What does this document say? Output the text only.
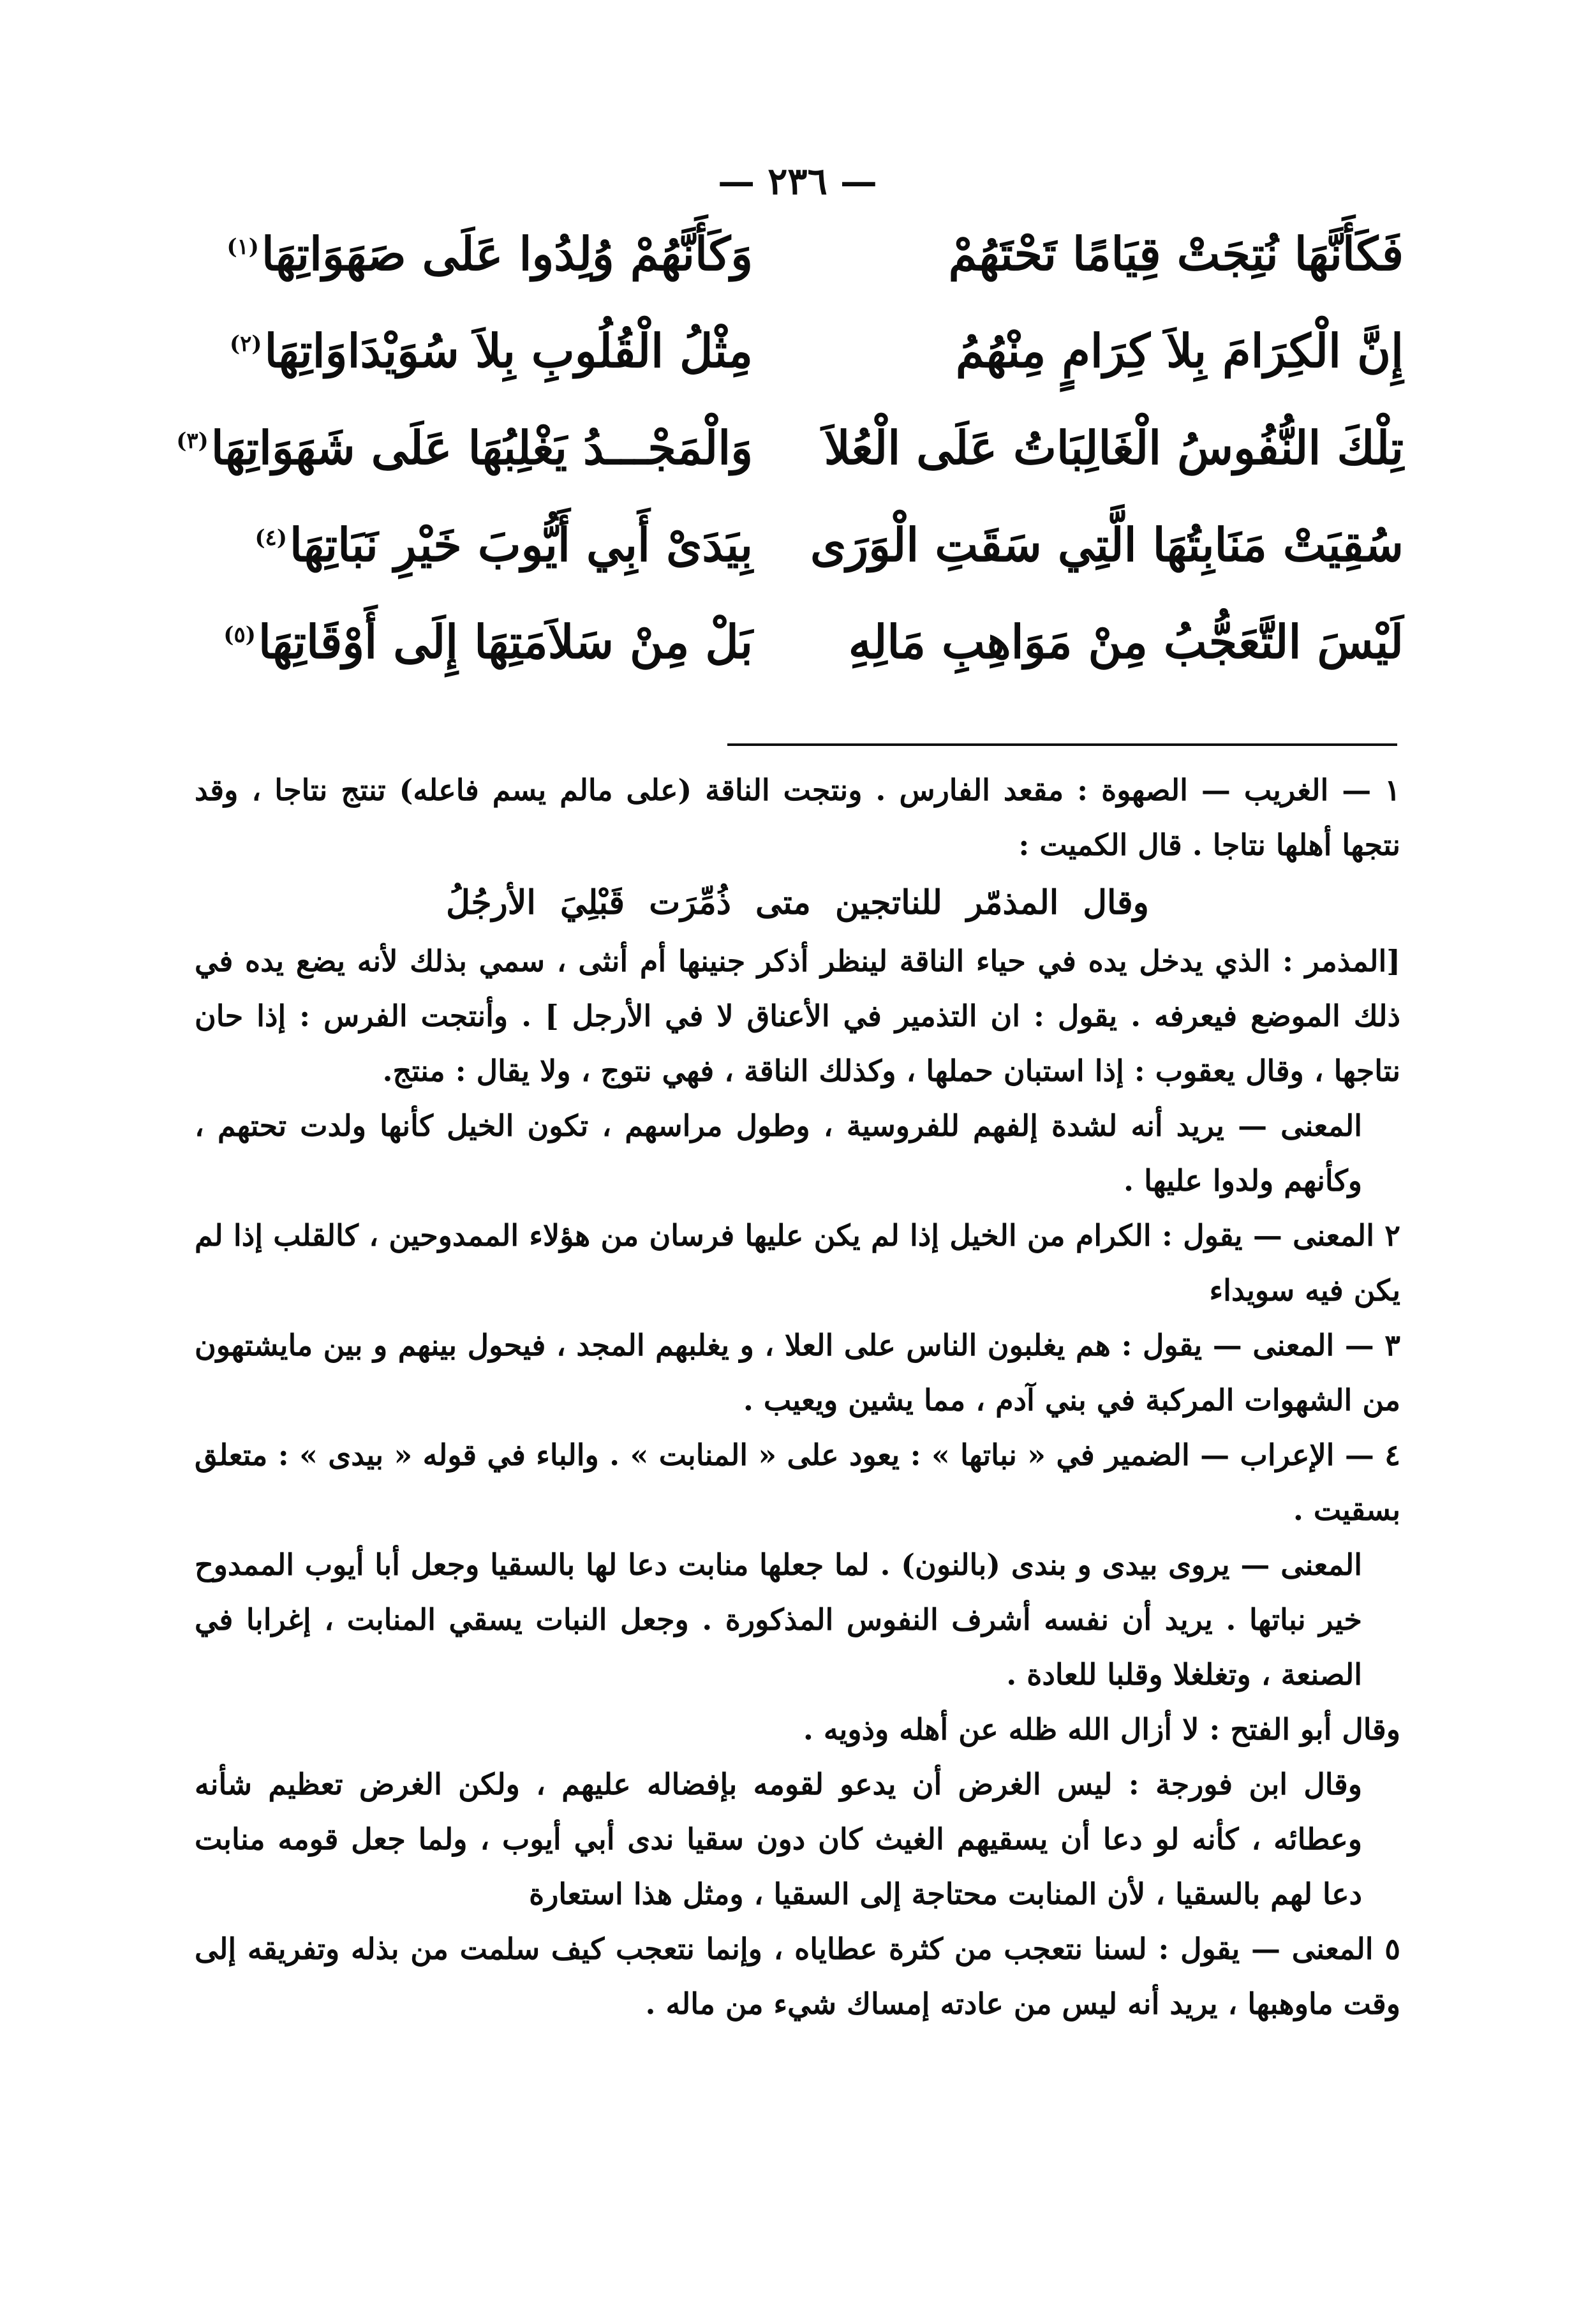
— ٢٣٦ —
فَكَأَنَّهَا نُتِجَتْ قِيَامًا تَحْتَهُمْ
وَكَأَنَّهُمْ وُلِدُوا عَلَى صَهَوَاتِهَا$^{(١)}$
إِنَّ الْكِرَامَ بِلاَ كِرَامٍ مِنْهُمُ
مِثْلُ الْقُلُوبِ بِلاَ سُوَيْدَاوَاتِهَا$^{(٢)}$
تِلْكَ النُّفُوسُ الْغَالِبَاتُ عَلَى الْعُلاَ
وَالْمَجْـــدُ يَغْلِبُهَا عَلَى شَهَوَاتِهَا$^{(٣)}$
سُقِيَتْ مَنَابِتُهَا الَّتِي سَقَتِ الْوَرَى
بِيَدَىْ أَبِي أَيُّوبَ خَيْرِ نَبَاتِهَا$^{(٤)}$
لَيْسَ التَّعَجُّبُ مِنْ مَوَاهِبِ مَالِهِ
بَلْ مِنْ سَلاَمَتِهَا إِلَى أَوْقَاتِهَا$^{(٥)}$

١ — الغريب — الصهوة : مقعد الفارس . ونتجت الناقة (على مالم يسم فاعله) تنتج نتاجا ، وقد نتجها أهلها نتاجا . قال الكميت :

وقال المذمّر للناتجين متى ذُمِّرَت قَبْلِيَ الأرجُلُ

[المذمر : الذي يدخل يده في حياء الناقة لينظر أذكر جنينها أم أنثى ، سمي بذلك لأنه يضع يده في ذلك الموضع فيعرفه . يقول : ان التذمير في الأعناق لا في الأرجل ] . وأنتجت الفرس : إذا حان نتاجها ، وقال يعقوب : إذا استبان حملها ، وكذلك الناقة ، فهي نتوج ، ولا يقال : منتج.

المعنى — يريد أنه لشدة إلفهم للفروسية ، وطول مراسهم ، تكون الخيل كأنها ولدت تحتهم ، وكأنهم ولدوا عليها .

٢ المعنى — يقول : الكرام من الخيل إذا لم يكن عليها فرسان من هؤلاء الممدوحين ، كالقلب إذا لم يكن فيه سويداء

٣ — المعنى — يقول : هم يغلبون الناس على العلا ، و يغلبهم المجد ، فيحول بينهم و بين مايشتهون من الشهوات المركبة في بني آدم ، مما يشين ويعيب .

٤ — الإعراب — الضمير في « نباتها » : يعود على « المنابت » . والباء في قوله « بيدى » : متعلق بسقيت .

المعنى — يروى بيدى و بندى (بالنون) . لما جعلها منابت دعا لها بالسقيا وجعل أبا أيوب الممدوح خير نباتها . يريد أن نفسه أشرف النفوس المذكورة . وجعل النبات يسقي المنابت ، إغرابا في الصنعة ، وتغلغلا وقلبا للعادة .

وقال أبو الفتح : لا أزال الله ظله عن أهله وذويه .

وقال ابن فورجة : ليس الغرض أن يدعو لقومه بإفضاله عليهم ، ولكن الغرض تعظيم شأنه وعطائه ، كأنه لو دعا أن يسقيهم الغيث كان دون سقيا ندى أبي أيوب ، ولما جعل قومه منابت دعا لهم بالسقيا ، لأن المنابت محتاجة إلى السقيا ، ومثل هذا استعارة

٥ المعنى — يقول : لسنا نتعجب من كثرة عطاياه ، وإنما نتعجب كيف سلمت من بذله وتفريقه إلى وقت ماوهبها ، يريد أنه ليس من عادته إمساك شيء من ماله .
